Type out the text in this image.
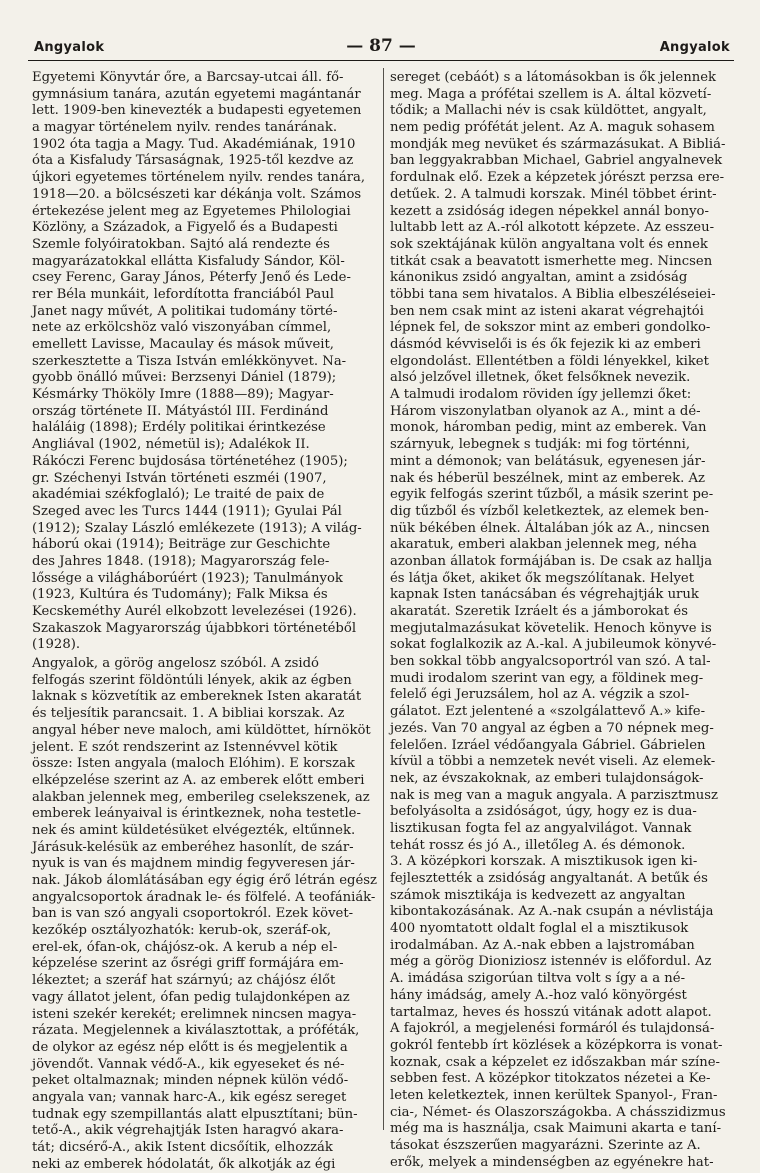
Angyalok	— 87 —	Angyalok
Egyetemi Könyvtár őre, a Barcsay-utcai áll. fő-
gymnásium tanára, azután egyetemi magántanár
lett. 1909-ben kinevezték a budapesti egyetemen
a magyar történelem nyilv. rendes tanárának.
1902 óta tagja a Magy. Tud. Akadémiának, 1910
óta a Kisfaludy Társaságnak, 1925-től kezdve az
újkori egyetemes történelem nyilv. rendes tanára,
1918—20. a bölcsészeti kar dékánja volt. Számos
értekezése jelent meg az Egyetemes Philologiai
Közlöny, a Századok, a Figyelő és a Budapesti
Szemle folyóiratokban. Sajtó alá rendezte és
magyarázatokkal ellátta Kisfaludy Sándor, Köl-
csey Ferenc, Garay János, Péterfy Jenő és Lede-
rer Béla munkáit, lefordította franciából Paul
Janet nagy művét, A politikai tudomány törté-
nete az erkölcshöz való viszonyában címmel,
emellett Lavisse, Macaulay és mások műveit,
szerkesztette a Tisza István emlékkönyvet. Na-
gyobb önálló művei: Berzsenyi Dániel (1879);
Késmárky Thököly Imre (1888—89); Magyar-
ország története II. Mátyástól III. Ferdinánd
haláláig (1898); Erdély politikai érintkezése
Angliával (1902, németül is); Adalékok II.
Rákóczi Ferenc bujdosása történetéhez (1905);
gr. Széchenyi István történeti eszméi (1907,
akadémiai székfoglaló); Le traité de paix de
Szeged avec les Turcs 1444 (1911); Gyulai Pál
(1912); Szalay László emlékezete (1913); A világ-
háború okai (1914); Beiträge zur Geschichte
des Jahres 1848. (1918); Magyarország fele-
lőssége a világháborúért (1923); Tanulmányok
(1923, Kultúra és Tudomány); Falk Miksa és
Kecskeméthy Aurél elkobzott levelezései (1926).
Szakaszok Magyarország újabbkori történetéből
(1928).
Angyalok, a görög angelosz szóból. A zsidó
felfogás szerint földöntúli lények, akik az égben
laknak s közvetítik az embereknek Isten akaratát
és teljesítik parancsait. 1. A bibliai korszak. Az
angyal héber neve maloch, ami küldöttet, hírnököt
jelent. E szót rendszerint az Istennévvel kötik
össze: Isten angyala (maloch Elóhim). E korszak
elképzelése szerint az A. az emberek előtt emberi
alakban jelennek meg, emberileg cselekszenek, az
emberek leányaival is érintkeznek, noha testetle-
nek és amint küldetésüket elvégezték, eltűnnek.
Járásuk-kelésük az emberéhez hasonlít, de szár-
nyuk is van és majdnem mindig fegyveresen jár-
nak. Jákob álomlátásában egy égig érő létrán egész
angyalcsoportok áradnak le- és fölfelé. A teofániák-
ban is van szó angyali csoportokról. Ezek követ-
kezőkép osztályozhatók: kerub-ok, szeráf-ok,
erel-ek, ófan-ok, chájósz-ok. A kerub a nép el-
képzelése szerint az ősrégi griff formájára em-
lékeztet; a szeráf hat szárnyú; az chájósz élőt
vagy állatot jelent, ófan pedig tulajdonképen az
isteni szekér kerekét; erelimnek nincsen magya-
rázata. Megjelennek a kiválasztottak, a próféták,
de olykor az egész nép előtt is és megjelentik a
jövendőt. Vannak védő-A., kik egyeseket és né-
peket oltalmaznak; minden népnek külön védő-
angyala van; vannak harc-A., kik egész sereget
tudnak egy szempillantás alatt elpusztítani; bün-
tető-A., akik végrehajtják Isten haragvó akara-
tát; dicsérő-A., akik Istent dicsőítik, elhozzák
neki az emberek hódolatát, ők alkotják az égi
sereget (cebáót) s a látomásokban is ők jelennek
meg. Maga a prófétai szellem is A. által közvetí-
tődik; a Mallachi név is csak küldöttet, angyalt,
nem pedig prófétát jelent. Az A. maguk sohasem
mondják meg nevüket és származásukat. A Bibliá-
ban leggyakrabban Michael, Gabriel angyalnevek
fordulnak elő. Ezek a képzetek jórészt perzsa ere-
detűek. 2. A talmudi korszak. Minél többet érint-
kezett a zsidóság idegen népekkel annál bonyo-
lultabb lett az A.-ról alkotott képzete. Az esszeu-
sok szektájának külön angyaltana volt és ennek
titkát csak a beavatott ismerhette meg. Nincsen
kánonikus zsidó angyaltan, amint a zsidóság
többi tana sem hivatalos. A Biblia elbeszéléseiei-
ben nem csak mint az isteni akarat végrehajtói
lépnek fel, de sokszor mint az emberi gondolko-
dásmód kévviselői is és ők fejezik ki az emberi
elgondolást. Ellentétben a földi lényekkel, kiket
alsó jelzővel illetnek, őket felsőknek nevezik.
A talmudi irodalom röviden így jellemzi őket:
Három viszonylatban olyanok az A., mint a dé-
monok, háromban pedig, mint az emberek. Van
szárnyuk, lebegnek s tudják: mi fog történni,
mint a démonok; van belátásuk, egyenesen jár-
nak és héberül beszélnek, mint az emberek. Az
egyik felfogás szerint tűzből, a másik szerint pe-
dig tűzből és vízből keletkeztek, az elemek ben-
nük békében élnek. Általában jók az A., nincsen
akaratuk, emberi alakban jelennek meg, néha
azonban állatok formájában is. De csak az hallja
és látja őket, akiket ők megszólítanak. Helyet
kapnak Isten tanácsában és végrehajtják uruk
akaratát. Szeretik Izráelt és a jámborokat és
megjutalmazásukat követelik. Henoch könyve is
sokat foglalkozik az A.-kal. A jubileumok könyvé-
ben sokkal több angyalcsoportról van szó. A tal-
mudi irodalom szerint van egy, a földinek meg-
felelő égi Jeruzsálem, hol az A. végzik a szol-
gálatot. Ezt jelentené a «szolgálattevő A.» kife-
jezés. Van 70 angyal az égben a 70 népnek meg-
felelően. Izráel védőangyala Gábriel. Gábrielen
kívül a többi a nemzetek nevét viseli. Az elemek-
nek, az évszakoknak, az emberi tulajdonságok-
nak is meg van a maguk angyala. A parzisztmusz
befolyásolta a zsidóságot, úgy, hogy ez is dua-
lisztikusan fogta fel az angyalvilágot. Vannak
tehát rossz és jó A., illetőleg A. és démonok.
3. A középkori korszak. A misztikusok igen ki-
fejlesztették a zsidóság angyaltanát. A betűk és
számok misztikája is kedvezett az angyaltan
kibontakozásának. Az A.-nak csupán a névlistája
400 nyomtatott oldalt foglal el a misztikusok
irodalmában. Az A.-nak ebben a lajstromában
még a görög Dioniziosz istennév is előfordul. Az
A. imádása szigorúan tiltva volt s így a a né-
hány imádság, amely A.-hoz való könyörgést
tartalmaz, heves és hosszú vitának adott alapot.
A fajokról, a megjelenési formáról és tulajdonsá-
gokról fentebb írt közlések a középkorra is vonat-
koznak, csak a képzelet ez időszakban már színe-
sebben fest. A középkor titokzatos nézetei a Ke-
leten keletkeztek, innen kerültek Spanyol-, Fran-
cia-, Német- és Olaszországokba. A chásszidizmus
még ma is használja, csak Maimuni akarta e taní-
tásokat észszerűen magyarázni. Szerinte az A.
erők, melyek a mindenségben az egyénekre hat-
